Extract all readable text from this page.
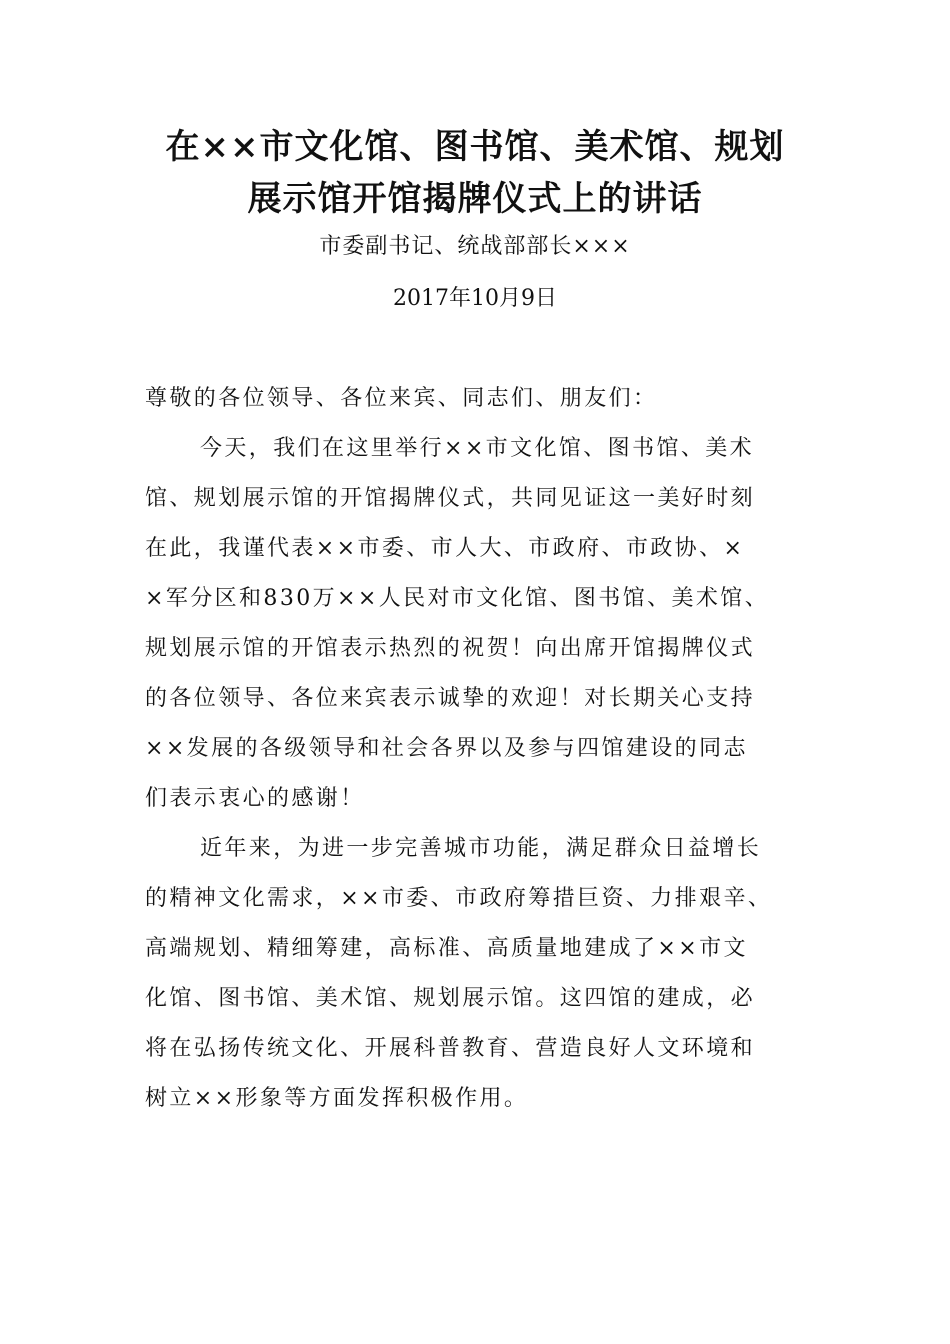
在××市文化馆、图书馆、美术馆、规划
展示馆开馆揭牌仪式上的讲话

市委副书记、统战部部长×××

2017年10月9日

尊敬的各位领导、各位来宾、同志们、朋友们：

今天，我们在这里举行××市文化馆、图书馆、美术

馆、规划展示馆的开馆揭牌仪式，共同见证这一美好时刻

在此，我谨代表××市委、市人大、市政府、市政协、×

×军分区和830万××人民对市文化馆、图书馆、美术馆、

规划展示馆的开馆表示热烈的祝贺！向出席开馆揭牌仪式

的各位领导、各位来宾表示诚挚的欢迎！对长期关心支持

××发展的各级领导和社会各界以及参与四馆建设的同志

们表示衷心的感谢！

近年来，为进一步完善城市功能，满足群众日益增长

的精神文化需求，××市委、市政府筹措巨资、力排艰辛、

高端规划、精细筹建，高标准、高质量地建成了××市文

化馆、图书馆、美术馆、规划展示馆。这四馆的建成，必

将在弘扬传统文化、开展科普教育、营造良好人文环境和

树立××形象等方面发挥积极作用。
